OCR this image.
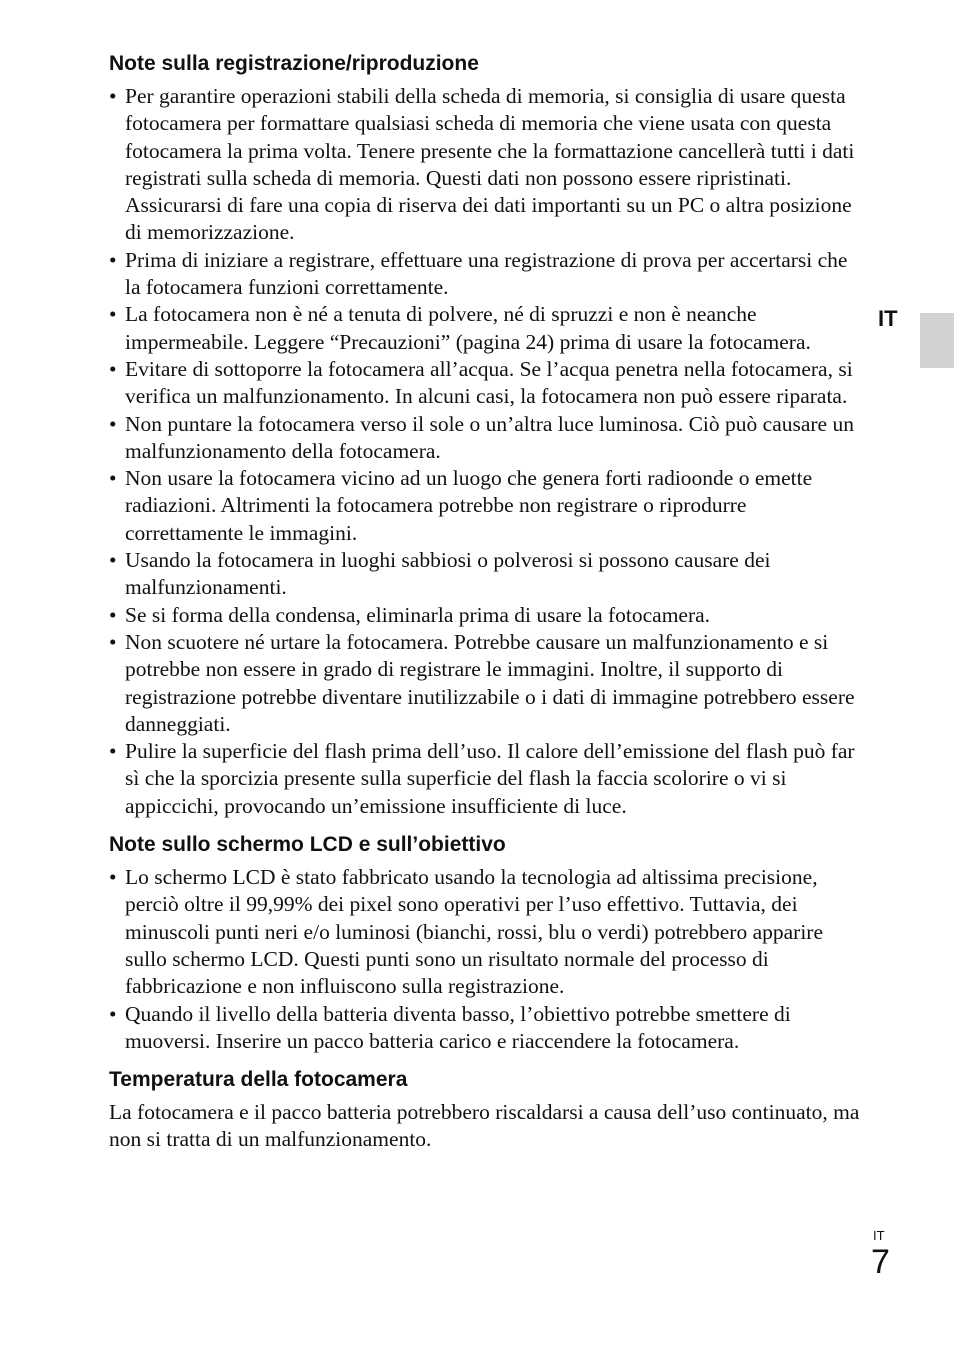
Note sulla registrazione/riproduzione
• Per garantire operazioni stabili della scheda di memoria, si consiglia di usare questa fotocamera per formattare qualsiasi scheda di memoria che viene usata con questa fotocamera la prima volta. Tenere presente che la formattazione cancellerà tutti i dati registrati sulla scheda di memoria. Questi dati non possono essere ripristinati. Assicurarsi di fare una copia di riserva dei dati importanti su un PC o altra posizione di memorizzazione.
• Prima di iniziare a registrare, effettuare una registrazione di prova per accertarsi che la fotocamera funzioni correttamente.
• La fotocamera non è né a tenuta di polvere, né di spruzzi e non è neanche impermeabile. Leggere “Precauzioni” (pagina 24) prima di usare la fotocamera.
• Evitare di sottoporre la fotocamera all’acqua. Se l’acqua penetra nella fotocamera, si verifica un malfunzionamento. In alcuni casi, la fotocamera non può essere riparata.
• Non puntare la fotocamera verso il sole o un’altra luce luminosa. Ciò può causare un malfunzionamento della fotocamera.
• Non usare la fotocamera vicino ad un luogo che genera forti radioonde o emette radiazioni. Altrimenti la fotocamera potrebbe non registrare o riprodurre correttamente le immagini.
• Usando la fotocamera in luoghi sabbiosi o polverosi si possono causare dei malfunzionamenti.
• Se si forma della condensa, eliminarla prima di usare la fotocamera.
• Non scuotere né urtare la fotocamera. Potrebbe causare un malfunzionamento e si potrebbe non essere in grado di registrare le immagini. Inoltre, il supporto di registrazione potrebbe diventare inutilizzabile o i dati di immagine potrebbero essere danneggiati.
• Pulire la superficie del flash prima dell’uso. Il calore dell’emissione del flash può far sì che la sporcizia presente sulla superficie del flash la faccia scolorire o vi si appiccichi, provocando un’emissione insufficiente di luce.
Note sullo schermo LCD e sull’obiettivo
• Lo schermo LCD è stato fabbricato usando la tecnologia ad altissima precisione, perciò oltre il 99,99% dei pixel sono operativi per l’uso effettivo. Tuttavia, dei minuscoli punti neri e/o luminosi (bianchi, rossi, blu o verdi) potrebbero apparire sullo schermo LCD. Questi punti sono un risultato normale del processo di fabbricazione e non influiscono sulla registrazione.
• Quando il livello della batteria diventa basso, l’obiettivo potrebbe smettere di muoversi. Inserire un pacco batteria carico e riaccendere la fotocamera.
Temperatura della fotocamera

La fotocamera e il pacco batteria potrebbero riscaldarsi a causa dell’uso continuato, ma non si tratta di un malfunzionamento.

IT
IT
7
